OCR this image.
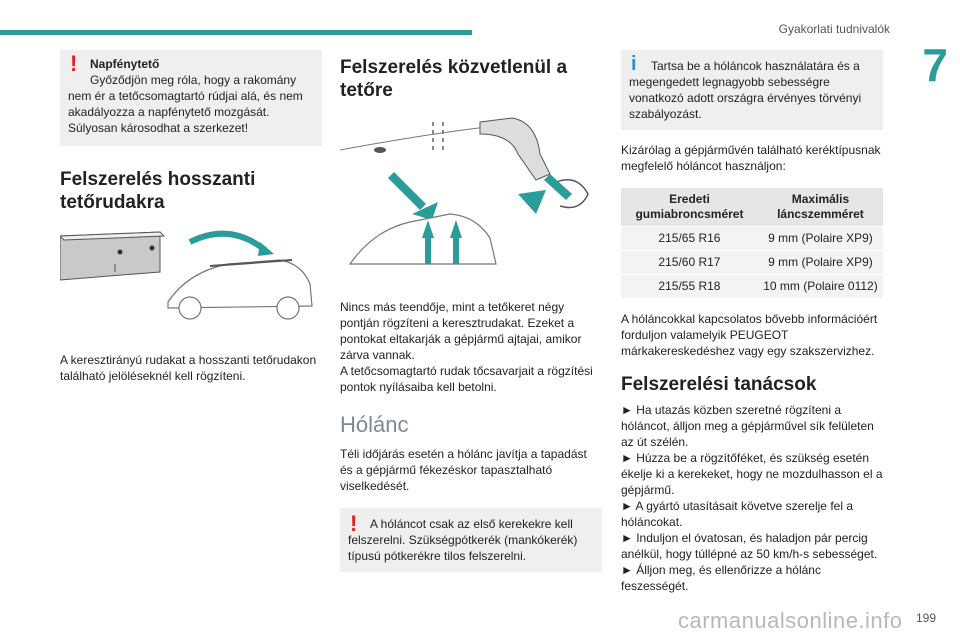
Gyakorlati tudnivalók
7
!	Napfénytető
Győződjön meg róla, hogy a rakomány nem ér a tetőcsomagtartó rúdjai alá, és nem akadályozza a napfénytető mozgását. Súlyosan károsodhat a szerkezet!
Felszerelés hosszanti tetőrudakra

A keresztirányú rudakat a hosszanti tetőrudakon található jelöléseknél kell rögzíteni.

Felszerelés közvetlenül a tetőre

Nincs más teendője, mint a tetőkeret négy pontján rögzíteni a keresztrudakat. Ezeket a pontokat eltakarják a gépjármű ajtajai, amikor zárva vannak.

A tetőcsomagtartó rudak tőcsavarjait a rögzítési pontok nyílásaiba kell betolni.

Hólánc

Téli időjárás esetén a hólánc javítja a tapadást és a gépjármű fékezéskor tapasztalható viselkedését.

!	A hóláncot csak az első kerekekre kell felszerelni. Szükségpótkerék (mankókerék) típusú pótkerékre tilos felszerelni.
i	Tartsa be a hóláncok használatára és a megengedett legnagyobb sebességre vonatkozó adott országra érvényes törvényi szabályozást.

Kizárólag a gépjárművén található keréktípusnak megfelelő hóláncot használjon:

Eredeti gumiabroncsméret	Maximális láncszemméret
215/65 R16	9 mm (Polaire XP9)
215/60 R17	9 mm (Polaire XP9)
215/55 R18	10 mm (Polaire 0112)

A hóláncokkal kapcsolatos bővebb információért forduljon valamelyik PEUGEOT márkakereskedéshez vagy egy szakszervizhez.

Felszerelési tanácsok

► Ha utazás közben szeretné rögzíteni a hóláncot, álljon meg a gépjárművel sík felületen az út szélén.

► Húzza be a rögzítőféket, és szükség esetén ékelje ki a kerekeket, hogy ne mozdulhasson el a gépjármű.

► A gyártó utasításait követve szerelje fel a hóláncokat.

► Induljon el óvatosan, és haladjon pár percig anélkül, hogy túllépné az 50 km/h-s sebességet.

► Álljon meg, és ellenőrizze a hólánc feszességét.

carmanualsonline.info 199
